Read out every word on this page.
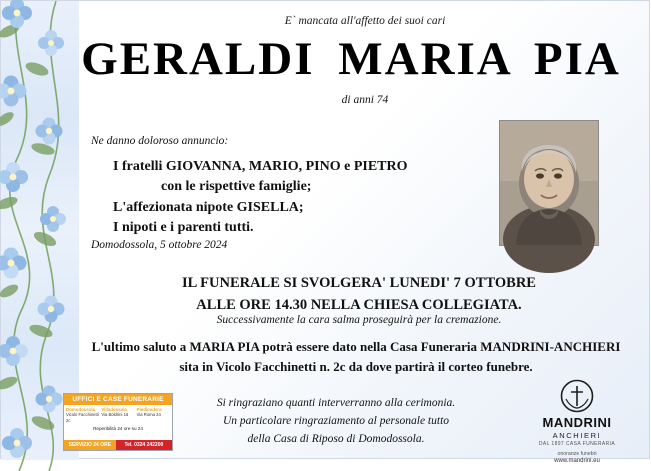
E` mancata all'affetto dei suoi cari
GERALDI MARIA PIA
di anni 74
Ne danno doloroso annuncio:
I fratelli GIOVANNA, MARIO, PINO e PIETRO
con le rispettive famiglie;
L'affezionata nipote GISELLA;
I nipoti e i parenti tutti.
Domodossola, 5 ottobre 2024
IL FUNERALE SI SVOLGERA' LUNEDI' 7 OTTOBRE
ALLE ORE 14.30 NELLA CHIESA COLLEGIATA.
Successivamente la cara salma proseguirà per la cremazione.
L'ultimo saluto a MARIA PIA potrà essere dato nella Casa Funeraria MANDRINI-ANCHIERI
sita in Vicolo Facchinetti n. 2c da dove partirà il corteo funebre.
Si ringraziano quanti interverranno alla cerimonia.
Un particolare ringraziamento al personale tutto
della Casa di Riposo di Domodossola.
UFFICI E CASE FUNERARIE
Domodossola
Vicolo Facchinetti 2c
Villadossola
Via Boldrini 16
Piedimulera
Via Roma 24
Reperibilità 24 ore su 24
SERVIZIO 24 ORE	Tel. 0324 242200
MANDRINI
ANCHIERI
DAL 1897 CASA FUNERARIA
onoranze funebri
www.mandrini.eu
